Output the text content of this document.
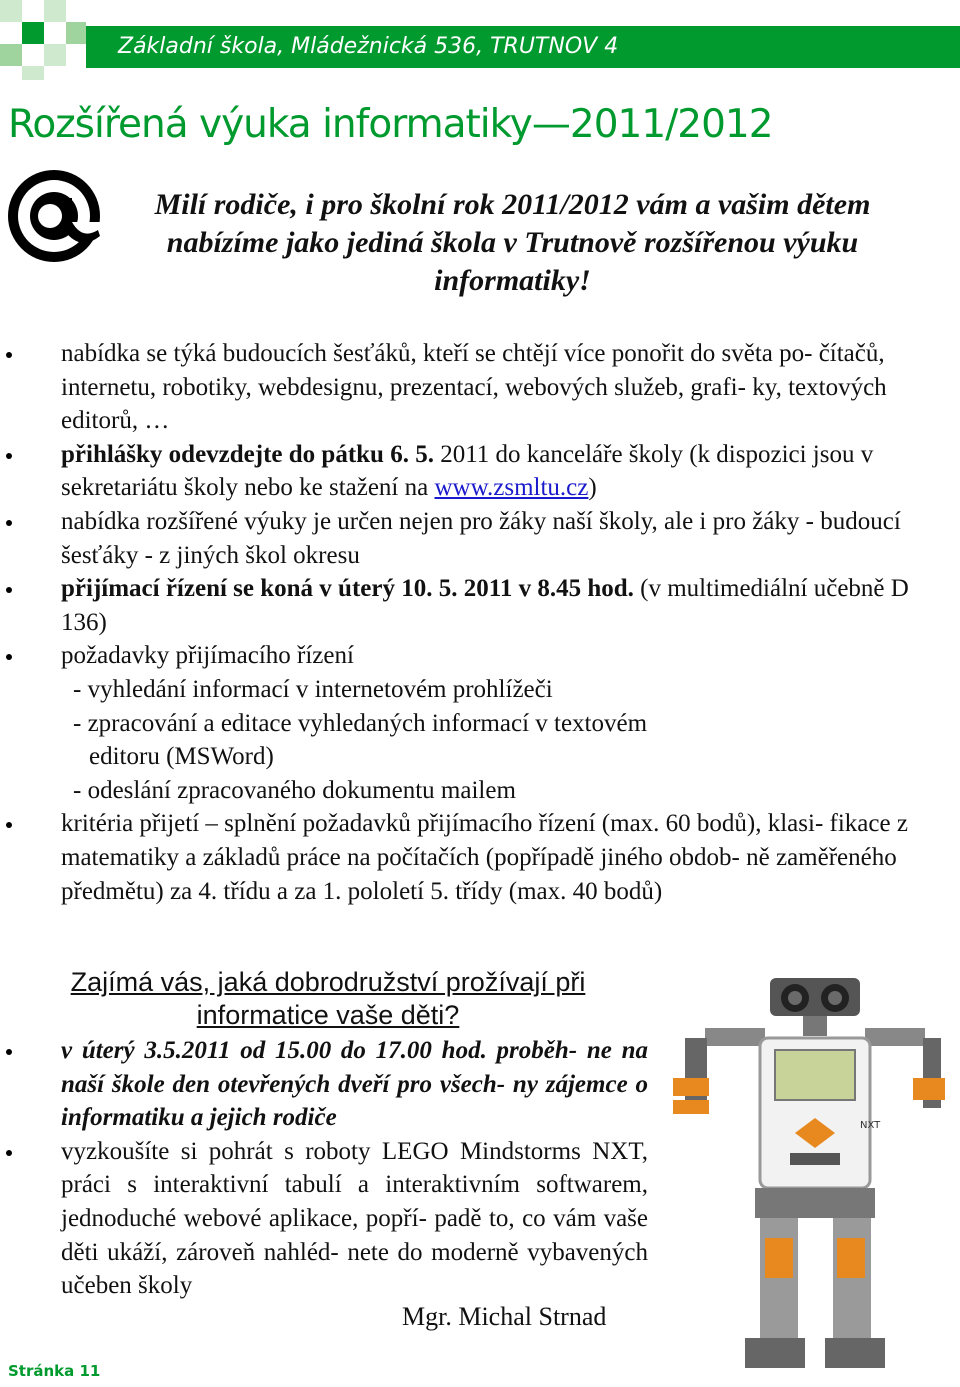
Základní škola, Mládežnická 536, TRUTNOV 4
Rozšířená výuka informatiky—2011/2012
Milí rodiče, i pro školní rok 2011/2012 vám a vašim dětem nabízíme jako jediná škola v Trutnově rozšířenou výuku informatiky!
nabídka se týká budoucích šesťáků, kteří se chtějí více ponořit do světa po- čítačů, internetu, robotiky, webdesignu, prezentací, webových služeb, grafi- ky, textových editorů, …
přihlášky odevzdejte do pátku 6. 5. 2011 do kanceláře školy (k dispozici jsou v sekretariátu školy nebo ke stažení na www.zsmltu.cz)
nabídka rozšířené výuky je určen nejen pro žáky naší školy, ale i pro žáky - budoucí šesťáky - z jiných škol okresu
přijímací řízení se koná v úterý 10. 5. 2011 v 8.45 hod. (v multimediální učebně D 136)
požadavky přijímacího řízení
- vyhledání informací v internetovém prohlížeči
- zpracování a editace vyhledaných informací v textovém
editoru (MSWord)
- odeslání zpracovaného dokumentu mailem
kritéria přijetí – splnění požadavků přijímacího řízení (max. 60 bodů), klasi- fikace z matematiky a základů práce na počítačích (popřípadě jiného obdob- ně zaměřeného předmětu) za 4. třídu a za 1. pololetí 5. třídy (max. 40 bodů)
Zajímá vás, jaká dobrodružství prožívají při
informatice vaše děti?
v úterý 3.5.2011 od 15.00 do 17.00 hod. proběh- ne na naší škole den otevřených dveří pro všech- ny zájemce o informatiku a jejich rodiče
vyzkoušíte si pohrát s roboty LEGO Mindstorms NXT, práci s interaktivní tabulí a interaktivním softwarem, jednoduché webové aplikace, popří- padě to, co vám vaše děti ukáží, zároveň nahléd- nete do moderně vybavených učeben školy
Mgr. Michal Strnad
NXT
Stránka 11
